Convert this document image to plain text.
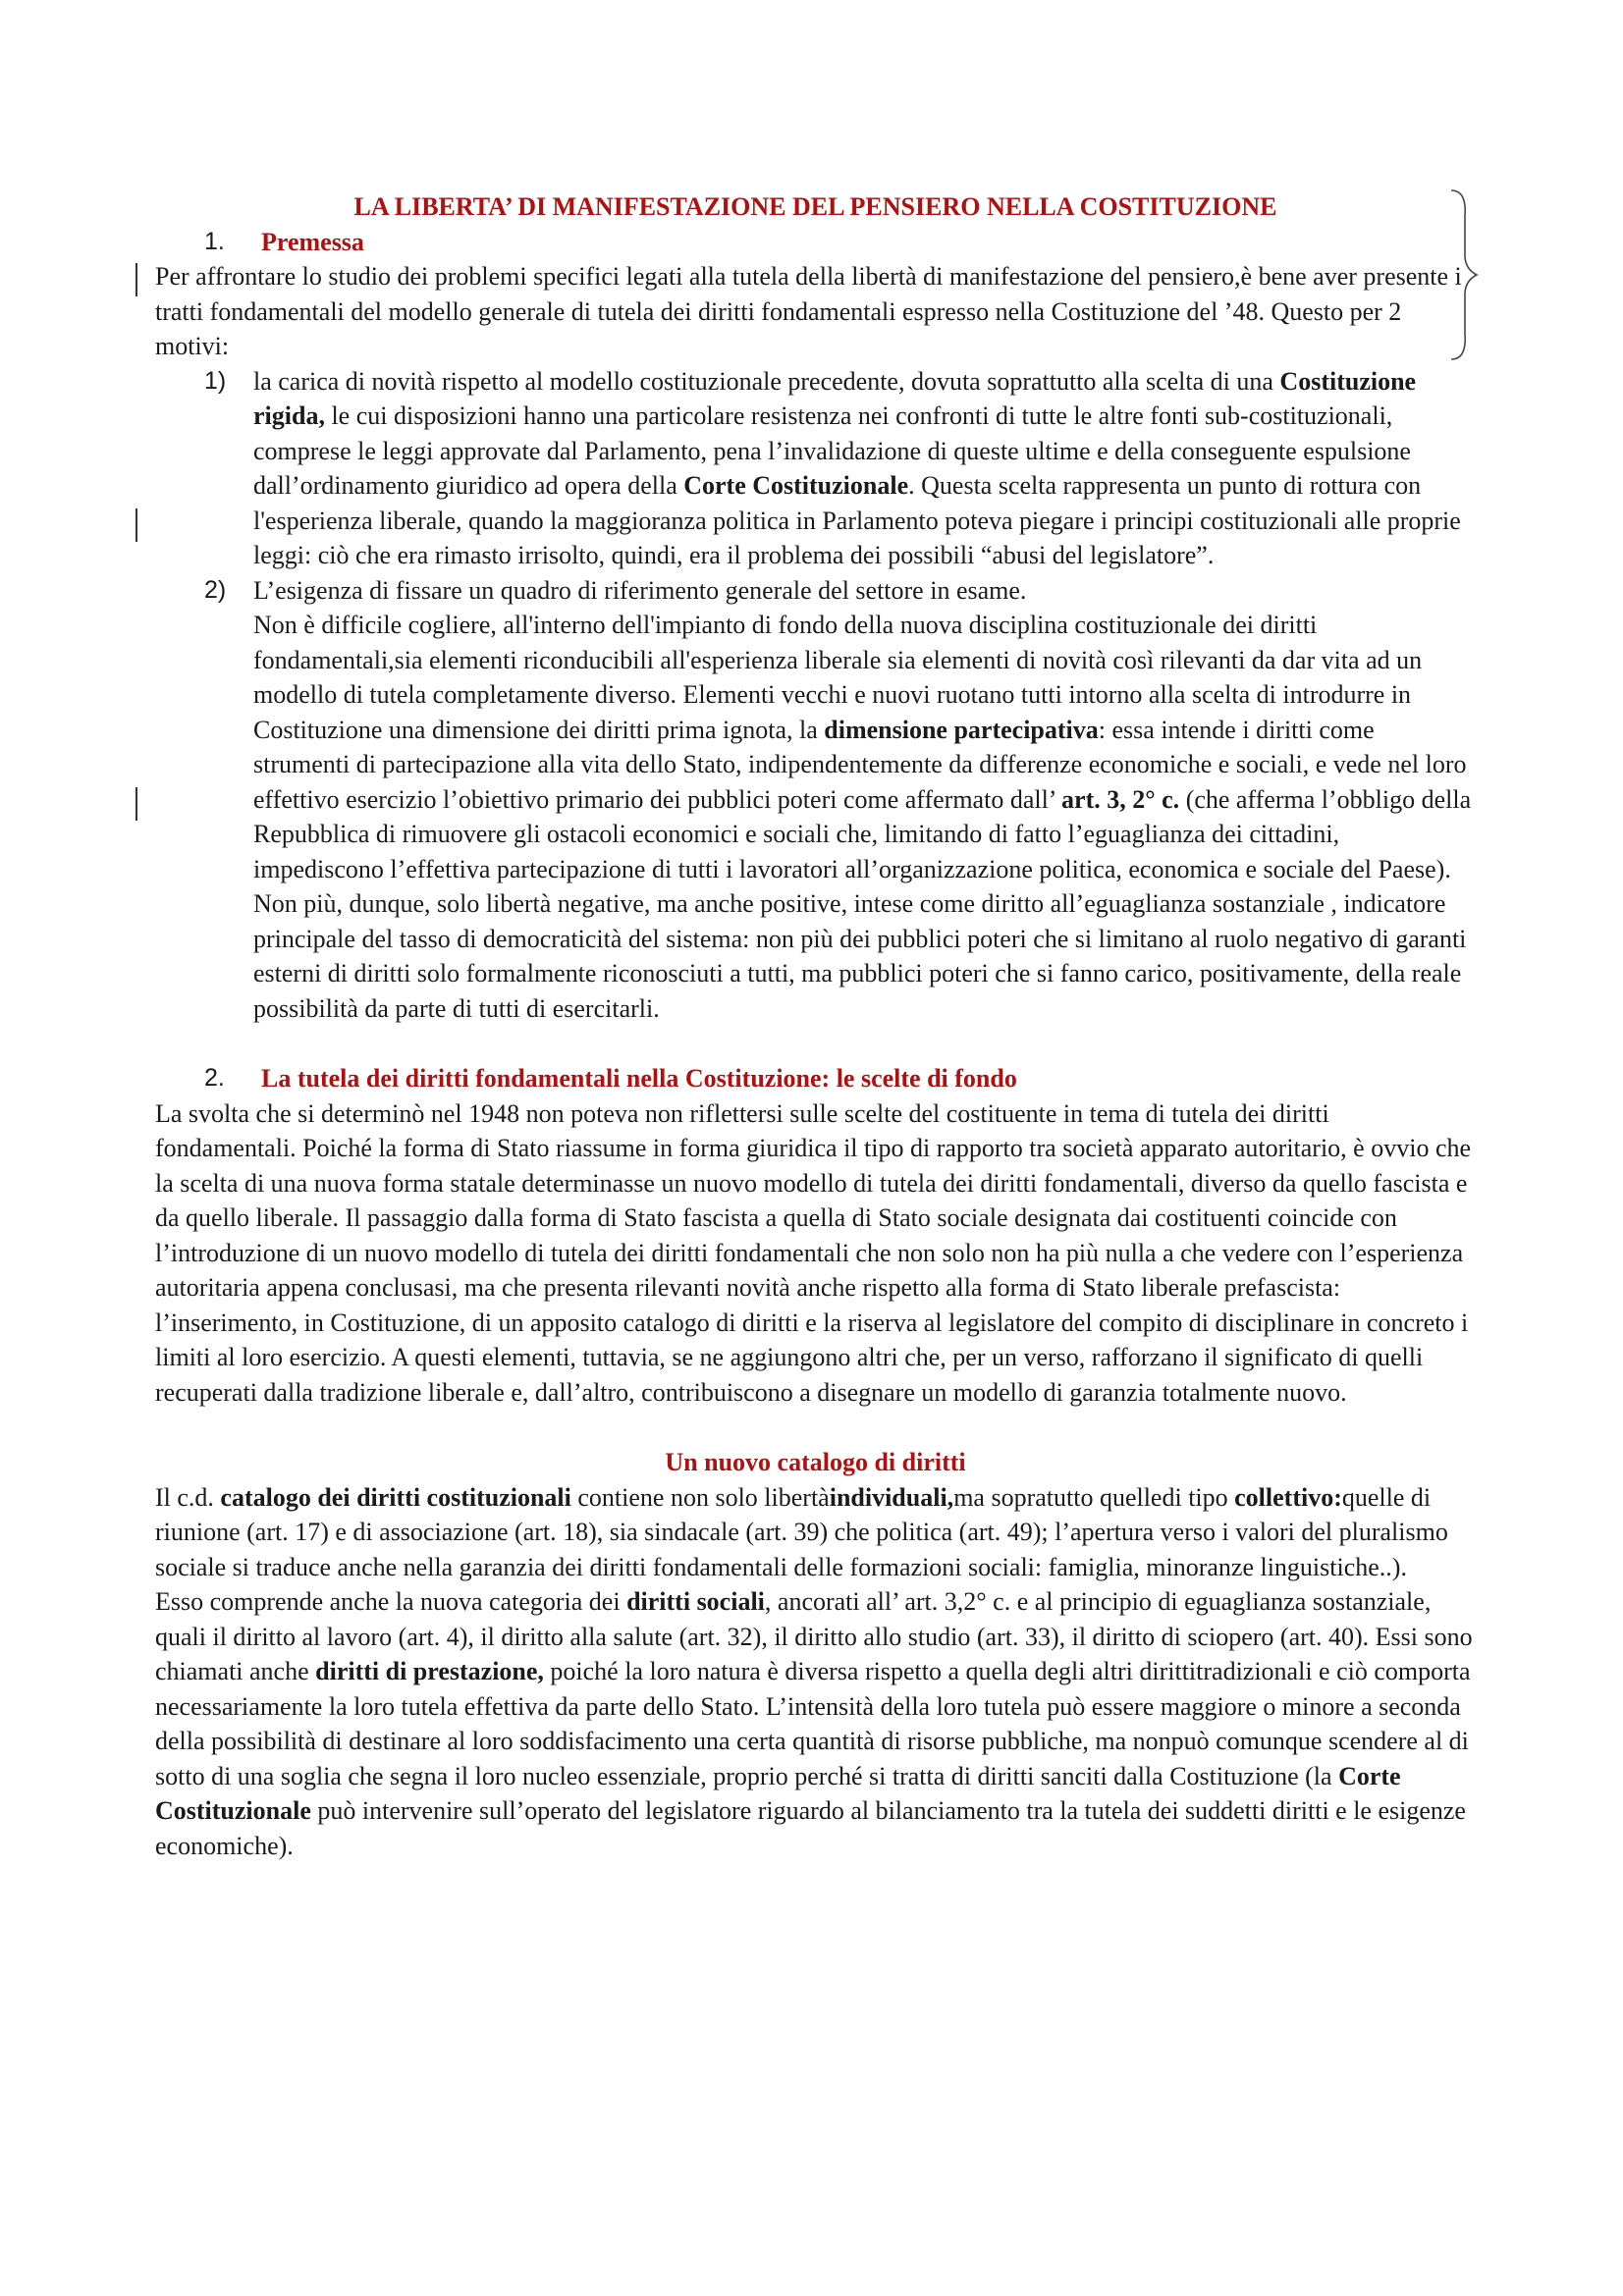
LA LIBERTA’ DI MANIFESTAZIONE DEL PENSIERO NELLA COSTITUZIONE

1.	Premessa

Per affrontare lo studio dei problemi specifici legati alla tutela della libertà di manifestazione del pensiero,è bene aver presente i tratti fondamentali del modello generale di tutela dei diritti fondamentali espresso nella Costituzione del ’48. Questo per 2 motivi:

1) la carica di novità rispetto al modello costituzionale precedente, dovuta soprattutto alla scelta di una Costituzione rigida, le cui disposizioni hanno una particolare resistenza nei confronti di tutte le altre fonti sub-costituzionali, comprese le leggi approvate dal Parlamento, pena l’invalidazione di queste ultime e della conseguente espulsione dall’ordinamento giuridico ad opera della Corte Costituzionale. Questa scelta rappresenta un punto di rottura con l'esperienza liberale, quando la maggioranza politica in Parlamento poteva piegare i principi costituzionali alle proprie leggi: ciò che era rimasto irrisolto, quindi, era il problema dei possibili “abusi del legislatore”.
2) L’esigenza di fissare un quadro di riferimento generale del settore in esame.
Non è difficile cogliere, all'interno dell'impianto di fondo della nuova disciplina costituzionale dei diritti fondamentali,sia elementi riconducibili all'esperienza liberale sia elementi di novità così rilevanti da dar vita ad un modello di tutela completamente diverso. Elementi vecchi e nuovi ruotano tutti intorno alla scelta di introdurre in Costituzione una dimensione dei diritti prima ignota, la dimensione partecipativa: essa intende i diritti come strumenti di partecipazione alla vita dello Stato, indipendentemente da differenze economiche e sociali, e vede nel loro effettivo esercizio l’obiettivo primario dei pubblici poteri come affermato dall’ art. 3, 2° c. (che afferma l’obbligo della Repubblica di rimuovere gli ostacoli economici e sociali che, limitando di fatto l’eguaglianza dei cittadini, impediscono l’effettiva partecipazione di tutti i lavoratori all’organizzazione politica, economica e sociale del Paese). Non più, dunque, solo libertà negative, ma anche positive, intese come diritto all’eguaglianza sostanziale , indicatore principale del tasso di democraticità del sistema: non più dei pubblici poteri che si limitano al ruolo negativo di garanti esterni di diritti solo formalmente riconosciuti a tutti, ma pubblici poteri che si fanno carico, positivamente, della reale possibilità da parte di tutti di esercitarli.

2.	La tutela dei diritti fondamentali nella Costituzione: le scelte di fondo

La svolta che si determinò nel 1948 non poteva non riflettersi sulle scelte del costituente in tema di tutela dei diritti fondamentali. Poiché la forma di Stato riassume in forma giuridica il tipo di rapporto tra società apparato autoritario, è ovvio che la scelta di una nuova forma statale determinasse un nuovo modello di tutela dei diritti fondamentali, diverso da quello fascista e da quello liberale. Il passaggio dalla forma di Stato fascista a quella di Stato sociale designata dai costituenti coincide con l’introduzione di un nuovo modello di tutela dei diritti fondamentali che non solo non ha più nulla a che vedere con l’esperienza autoritaria appena conclusasi, ma che presenta rilevanti novità anche rispetto alla forma di Stato liberale prefascista: l’inserimento, in Costituzione, di un apposito catalogo di diritti e la riserva al legislatore del compito di disciplinare in concreto i limiti al loro esercizio. A questi elementi, tuttavia, se ne aggiungono altri che, per un verso, rafforzano il significato di quelli recuperati dalla tradizione liberale e, dall’altro, contribuiscono a disegnare un modello di garanzia totalmente nuovo.

Un nuovo catalogo di diritti

Il c.d. catalogo dei diritti costituzionali contiene non solo libertàindividuali,ma sopratutto quelledi tipo collettivo:quelle di riunione (art. 17) e di associazione (art. 18), sia sindacale (art. 39) che politica (art. 49); l’apertura verso i valori del pluralismo sociale si traduce anche nella garanzia dei diritti fondamentali delle formazioni sociali: famiglia, minoranze linguistiche..).

Esso comprende anche la nuova categoria dei diritti sociali, ancorati all’ art. 3,2° c. e al principio di eguaglianza sostanziale, quali il diritto al lavoro (art. 4), il diritto alla salute (art. 32), il diritto allo studio (art. 33), il diritto di sciopero (art. 40). Essi sono chiamati anche diritti di prestazione, poiché la loro natura è diversa rispetto a quella degli altri dirittitradizionali e ciò comporta necessariamente la loro tutela effettiva da parte dello Stato. L’intensità della loro tutela può essere maggiore o minore a seconda della possibilità di destinare al loro soddisfacimento una certa quantità di risorse pubbliche, ma nonpuò comunque scendere al di sotto di una soglia che segna il loro nucleo essenziale, proprio perché si tratta di diritti sanciti dalla Costituzione (la Corte Costituzionale può intervenire sull’operato del legislatore riguardo al bilanciamento tra la tutela dei suddetti diritti e le esigenze economiche).
